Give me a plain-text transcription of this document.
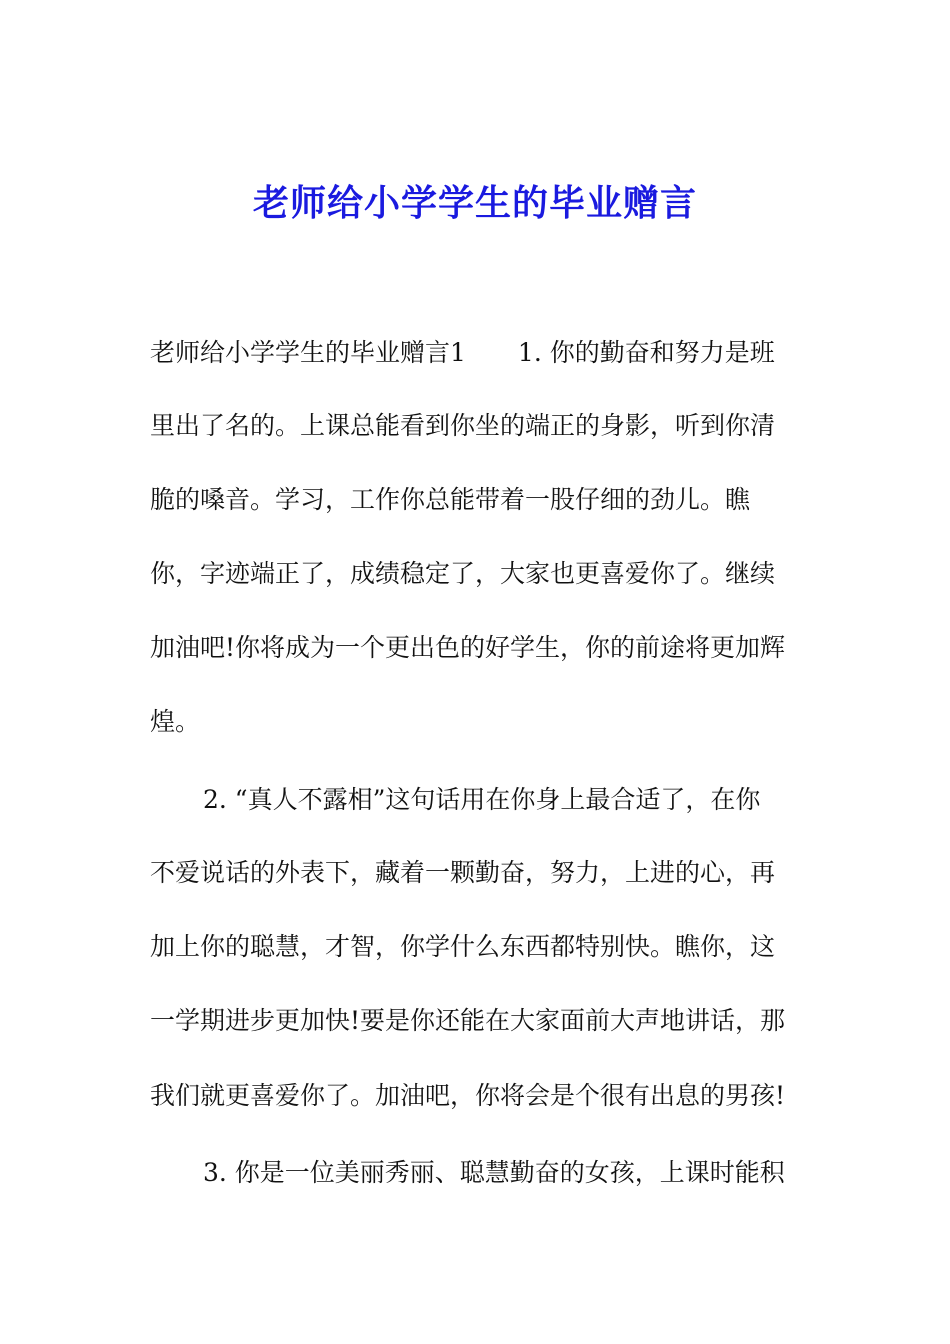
老师给小学学生的毕业赠言
老师给小学学生的毕业赠言1 1. 你的勤奋和努力是班
里出了名的。上课总能看到你坐的端正的身影，听到你清
脆的嗓音。学习，工作你总能带着一股仔细的劲儿。瞧
你，字迹端正了，成绩稳定了，大家也更喜爱你了。继续
加油吧!你将成为一个更出色的好学生，你的前途将更加辉
煌。
2. “真人不露相”这句话用在你身上最合适了，在你
不爱说话的外表下，藏着一颗勤奋，努力，上进的心，再
加上你的聪慧，才智，你学什么东西都特别快。瞧你，这
一学期进步更加快!要是你还能在大家面前大声地讲话，那
我们就更喜爱你了。加油吧，你将会是个很有出息的男孩!
3. 你是一位美丽秀丽、聪慧勤奋的女孩，上课时能积
